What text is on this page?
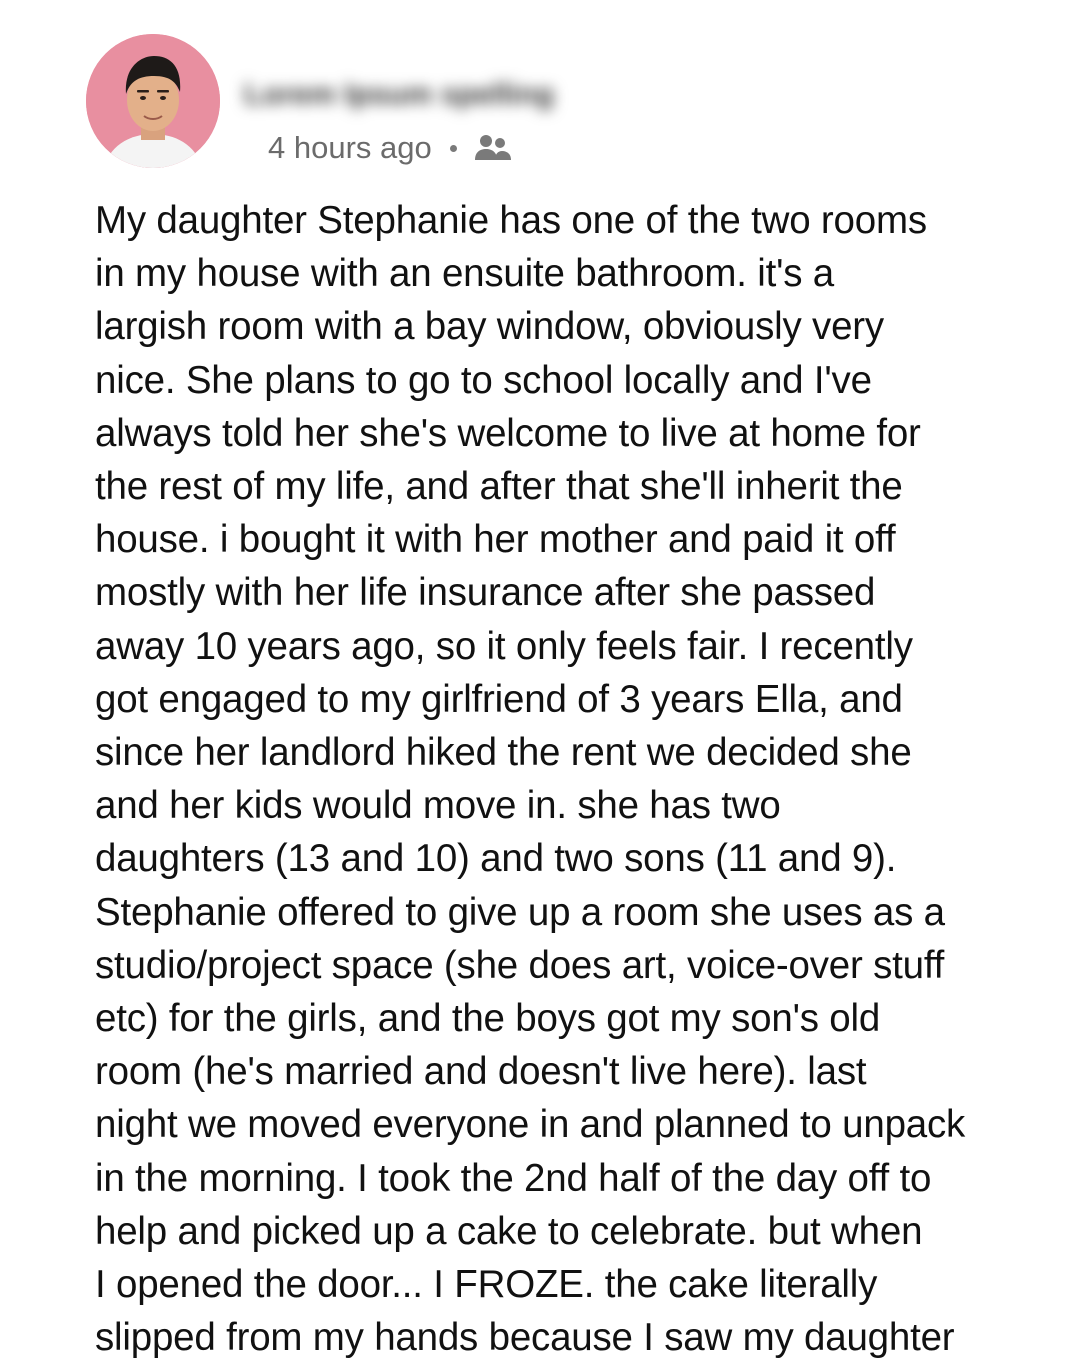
Lorem Ipsum spelling
4 hours ago
My daughter Stephanie has one of the two rooms
in my house with an ensuite bathroom. it's a
largish room with a bay window, obviously very
nice. She plans to go to school locally and I've
always told her she's welcome to live at home for
the rest of my life, and after that she'll inherit the
house. i bought it with her mother and paid it off
mostly with her life insurance after she passed
away 10 years ago, so it only feels fair. I recently
got engaged to my girlfriend of 3 years Ella, and
since her landlord hiked the rent we decided she
and her kids would move in. she has two
daughters (13 and 10) and two sons (11 and 9).
Stephanie offered to give up a room she uses as a
studio/project space (she does art, voice-over stuff
etc) for the girls, and the boys got my son's old
room (he's married and doesn't live here). last
night we moved everyone in and planned to unpack
in the morning. I took the 2nd half of the day off to
help and picked up a cake to celebrate. but when
I opened the door... I FROZE. the cake literally
slipped from my hands because I saw my daughter
